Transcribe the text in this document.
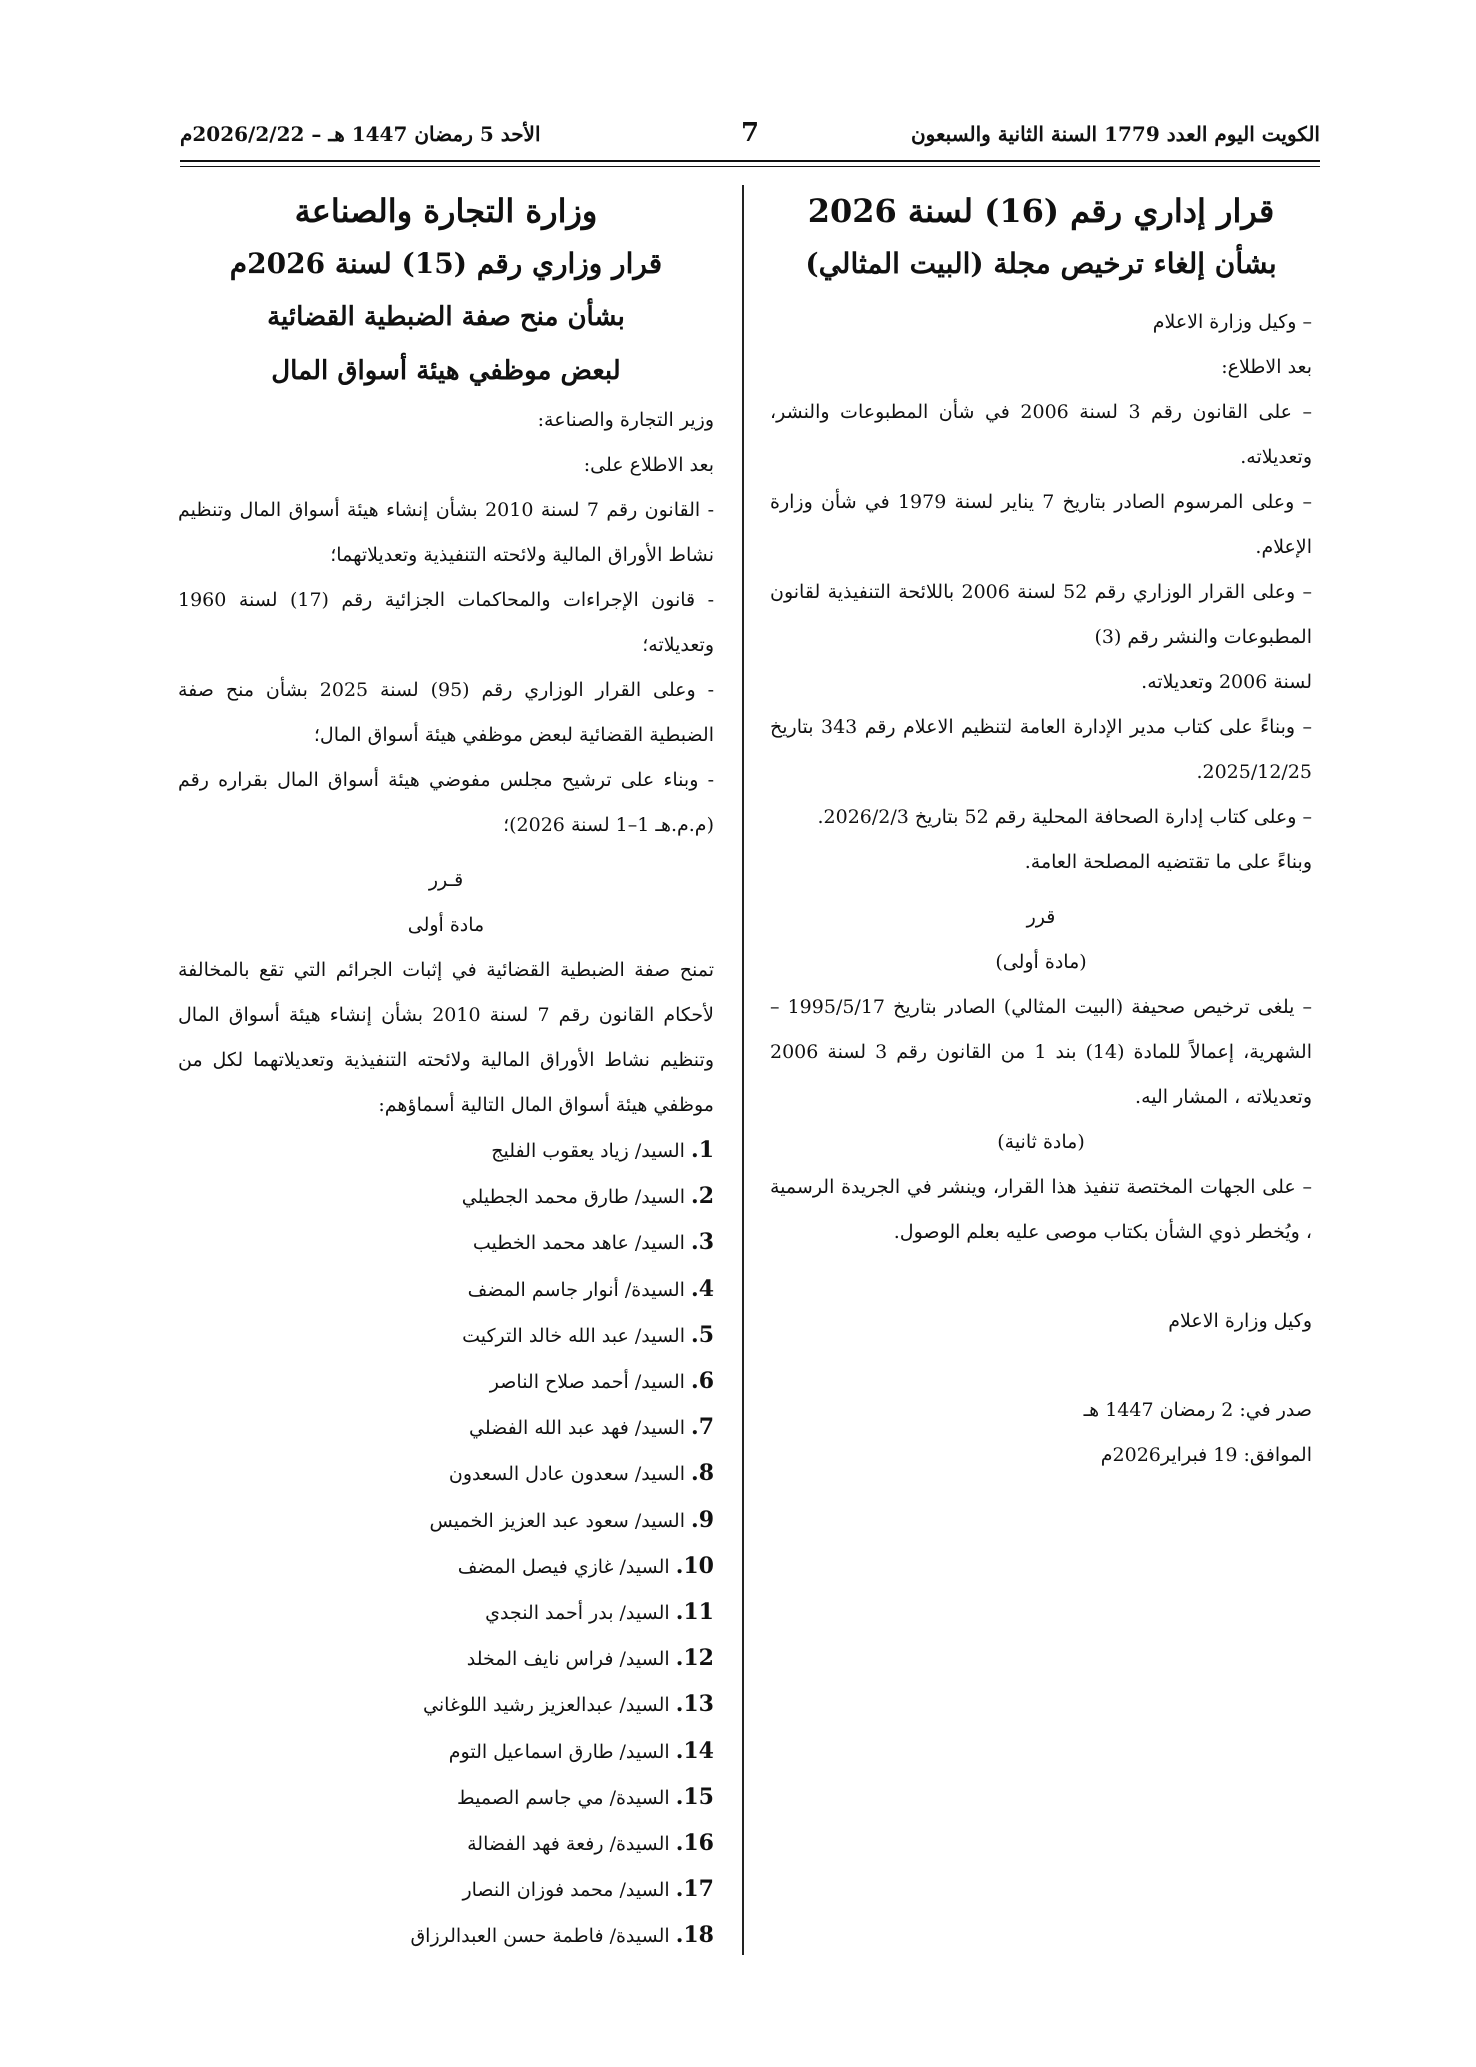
الكويت اليوم العدد 1779 السنة الثانية والسبعون
7
الأحد 5 رمضان 1447 هـ – 2026/2/22م

قرار إداري رقم (16) لسنة 2026

بشأن إلغاء ترخيص مجلة (البيت المثالي)

– وكيل وزارة الاعلام

بعد الاطلاع:

– على القانون رقم 3 لسنة 2006 في شأن المطبوعات والنشر، وتعديلاته.

– وعلى المرسوم الصادر بتاريخ 7 يناير لسنة 1979 في شأن وزارة الإعلام.

– وعلى القرار الوزاري رقم 52 لسنة 2006 باللائحة التنفيذية لقانون المطبوعات والنشر رقم (3)

لسنة 2006 وتعديلاته.

– وبناءً على كتاب مدير الإدارة العامة لتنظيم الاعلام رقم 343 بتاريخ 2025/12/25.

– وعلى كتاب إدارة الصحافة المحلية رقم 52 بتاريخ 2026/2/3.

وبناءً على ما تقتضيه المصلحة العامة.

قرر

(مادة أولى)

– يلغى ترخيص صحيفة (البيت المثالي) الصادر بتاريخ 1995/5/17 – الشهرية، إعمالاً للمادة (14) بند 1 من القانون رقم 3 لسنة 2006 وتعديلاته ، المشار اليه.

(مادة ثانية)

– على الجهات المختصة تنفيذ هذا القرار، وينشر في الجريدة الرسمية ، ويُخطر ذوي الشأن بكتاب موصى عليه بعلم الوصول.

وكيل وزارة الاعلام

صدر في: 2 رمضان 1447 هـ

الموافق: 19 فبراير2026م

وزارة التجارة والصناعة

قرار وزاري رقم (15) لسنة 2026م

بشأن منح صفة الضبطية القضائية

لبعض موظفي هيئة أسواق المال

وزير التجارة والصناعة:

بعد الاطلاع على:

- القانون رقم 7 لسنة 2010 بشأن إنشاء هيئة أسواق المال وتنظيم نشاط الأوراق المالية ولائحته التنفيذية وتعديلاتهما؛

- قانون الإجراءات والمحاكمات الجزائية رقم (17) لسنة 1960 وتعديلاته؛

- وعلى القرار الوزاري رقم (95) لسنة 2025 بشأن منح صفة الضبطية القضائية لبعض موظفي هيئة أسواق المال؛

- وبناء على ترشيح مجلس مفوضي هيئة أسواق المال بقراره رقم (م.م.هـ 1–1 لسنة 2026)؛

قـرر

مادة أولى

تمنح صفة الضبطية القضائية في إثبات الجرائم التي تقع بالمخالفة لأحكام القانون رقم 7 لسنة 2010 بشأن إنشاء هيئة أسواق المال وتنظيم نشاط الأوراق المالية ولائحته التنفيذية وتعديلاتهما لكل من موظفي هيئة أسواق المال التالية أسماؤهم:

1. السيد/ زياد يعقوب الفليج
2. السيد/ طارق محمد الجطيلي
3. السيد/ عاهد محمد الخطيب
4. السيدة/ أنوار جاسم المضف
5. السيد/ عبد الله خالد التركيت
6. السيد/ أحمد صلاح الناصر
7. السيد/ فهد عبد الله الفضلي
8. السيد/ سعدون عادل السعدون
9. السيد/ سعود عبد العزيز الخميس
10. السيد/ غازي فيصل المضف
11. السيد/ بدر أحمد النجدي
12. السيد/ فراس نايف المخلد
13. السيد/ عبدالعزيز رشيد اللوغاني
14. السيد/ طارق اسماعيل التوم
15. السيدة/ مي جاسم الصميط
16. السيدة/ رفعة فهد الفضالة
17. السيد/ محمد فوزان النصار
18. السيدة/ فاطمة حسن العبدالرزاق
